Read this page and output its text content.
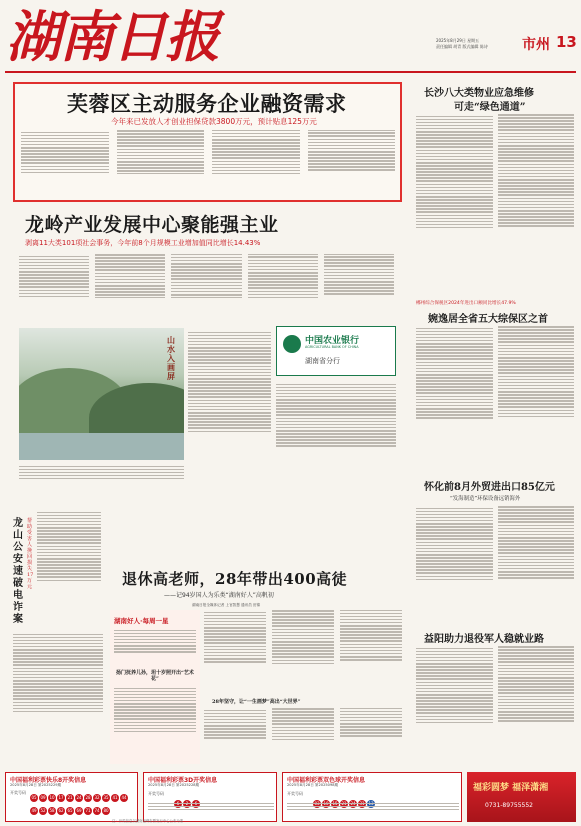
湖南日报	2025年8月29日 星期五
责任编辑 胡青 版式编辑 陈诗 市州 13
芙蓉区主动服务企业融资需求
今年来已发放人才创业担保贷款3800万元，预计贴息125万元
龙岭产业发展中心聚能强主业
剥离11大类101项社会事务，今年前8个月规模工业增加值同比增长14.43%
中国农业银行
AGRICULTURAL BANK OF CHINA
湖南省分行
山水入画屏
龙山公安速破电诈案
帮助受害人挽回损失17万元	退休高老师，28年带出400高徒
——记94岁国人为乐类“湖南好人”高帆初
湖南日报全媒体记者 上官智慧 通讯员 田锦
湖南好人·每周一星
扬门抚养儿孙，坦十岁照开出“艺术花”
28年坚守，让“一生画梦”高出“大世界”
长沙八大类物业应急维修
可走“绿色通道”
郴州综合保税区2024年进出口额同比增长47.9%
婉逸居全省五大综保区之首
怀化前8月外贸进出口85亿元
“发海制造”环保设备远销海外
益阳助力退役军人稳就业路
中国福利彩票快乐8开奖信息
2025年8月28日 第2025229期
开奖号码
05 09 10 17 21 24 28 32 35 41 4449 52 58 62 65 69 71 74 80
中国福利彩票3D开奖信息
2025年8月28日 第2025228期
开奖号码
中国福利彩票双色球开奖信息
2025年8月28日 第2025098期
开奖号码
福彩圆梦 福泽潇湘
0731-89755552
注：开奖信息以湖南福利彩票发行中心公布为准
